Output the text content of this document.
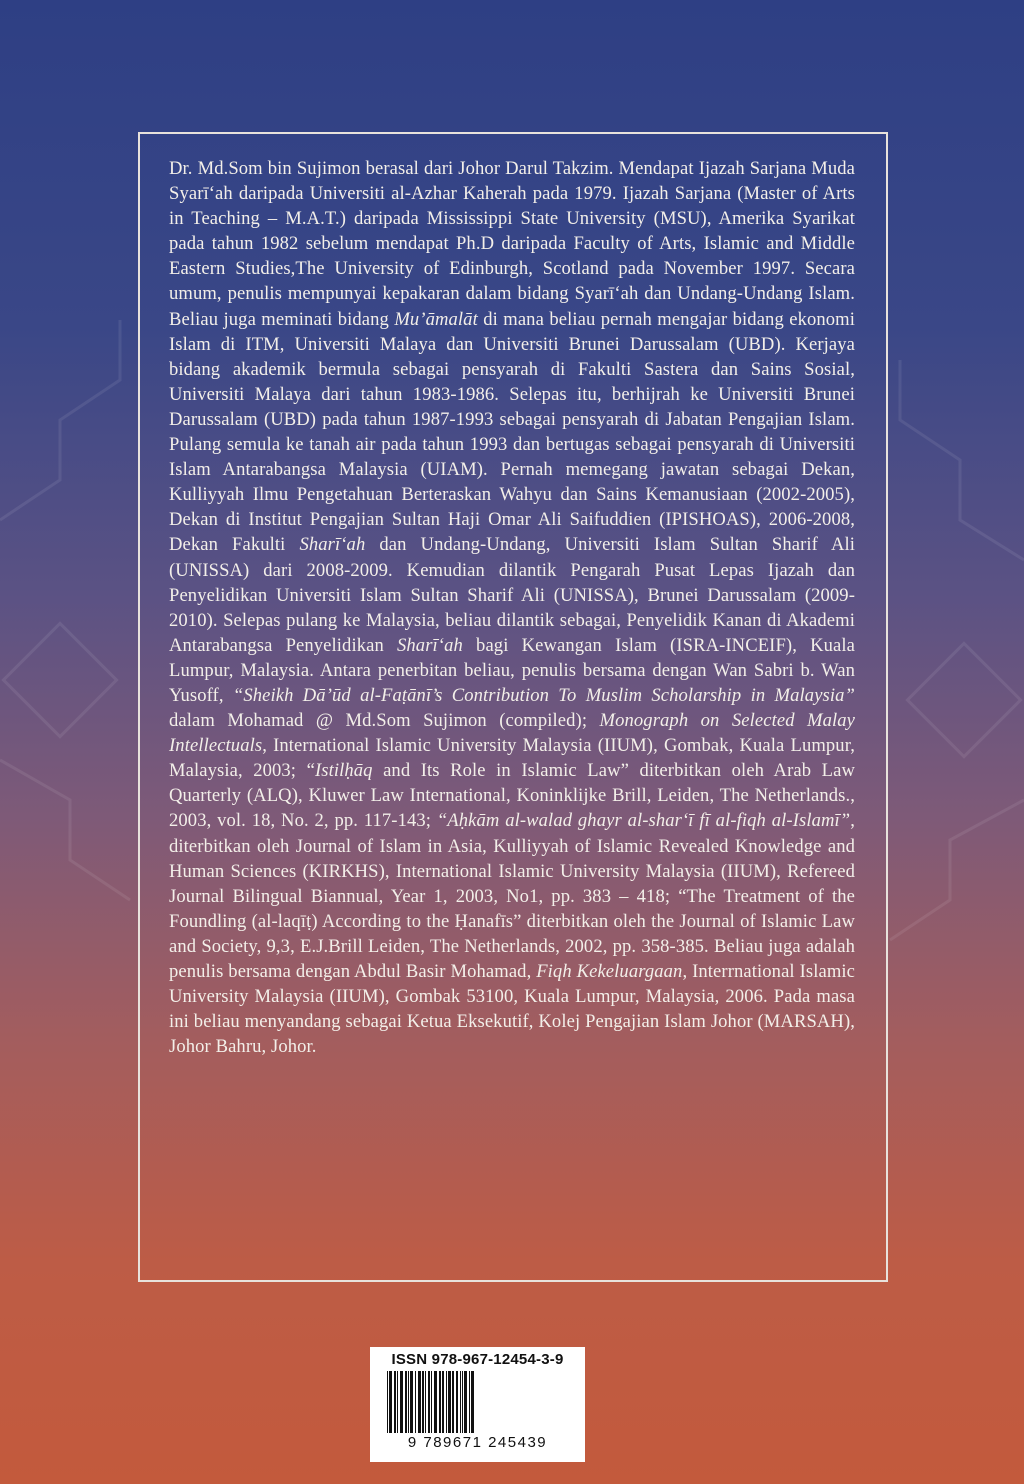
Dr. Md.Som bin Sujimon berasal dari Johor Darul Takzim. Mendapat Ijazah Sarjana Muda Syarī‘ah daripada Universiti al-Azhar Kaherah pada 1979. Ijazah Sarjana (Master of Arts in Teaching – M.A.T.) daripada Mississippi State University (MSU), Amerika Syarikat pada tahun 1982 sebelum mendapat Ph.D daripada Faculty of Arts, Islamic and Middle Eastern Studies,The University of Edinburgh, Scotland pada November 1997. Secara umum, penulis mempunyai kepakaran dalam bidang Syarī‘ah dan Undang-Undang Islam. Beliau juga meminati bidang Mu’āmalāt di mana beliau pernah mengajar bidang ekonomi Islam di ITM, Universiti Malaya dan Universiti Brunei Darussalam (UBD). Kerjaya bidang akademik bermula sebagai pensyarah di Fakulti Sastera dan Sains Sosial, Universiti Malaya dari tahun 1983-1986. Selepas itu, berhijrah ke Universiti Brunei Darussalam (UBD) pada tahun 1987-1993 sebagai pensyarah di Jabatan Pengajian Islam. Pulang semula ke tanah air pada tahun 1993 dan bertugas sebagai pensyarah di Universiti Islam Antarabangsa Malaysia (UIAM). Pernah memegang jawatan sebagai Dekan, Kulliyyah Ilmu Pengetahuan Berteraskan Wahyu dan Sains Kemanusiaan (2002-2005), Dekan di Institut Pengajian Sultan Haji Omar Ali Saifuddien (IPISHOAS), 2006-2008, Dekan Fakulti Sharī‘ah dan Undang-Undang, Universiti Islam Sultan Sharif Ali (UNISSA) dari 2008-2009. Kemudian dilantik Pengarah Pusat Lepas Ijazah dan Penyelidikan Universiti Islam Sultan Sharif Ali (UNISSA), Brunei Darussalam (2009-2010). Selepas pulang ke Malaysia, beliau dilantik sebagai, Penyelidik Kanan di Akademi Antarabangsa Penyelidikan Sharī‘ah bagi Kewangan Islam (ISRA-INCEIF), Kuala Lumpur, Malaysia. Antara penerbitan beliau, penulis bersama dengan Wan Sabri b. Wan Yusoff, “Sheikh Dā’ūd al-Faṭānī’s Contribution To Muslim Scholarship in Malaysia” dalam Mohamad @ Md.Som Sujimon (compiled); Monograph on Selected Malay Intellectuals, International Islamic University Malaysia (IIUM), Gombak, Kuala Lumpur, Malaysia, 2003; “Istilḥāq and Its Role in Islamic Law” diterbitkan oleh Arab Law Quarterly (ALQ), Kluwer Law International, Koninklijke Brill, Leiden, The Netherlands., 2003, vol. 18, No. 2, pp. 117-143; “Aḥkām al-walad ghayr al-shar‘ī fī al-fiqh al-Islamī”, diterbitkan oleh Journal of Islam in Asia, Kulliyyah of Islamic Revealed Knowledge and Human Sciences (KIRKHS), International Islamic University Malaysia (IIUM), Refereed Journal Bilingual Biannual, Year 1, 2003, No1, pp. 383 – 418; “The Treatment of the Foundling (al-laqīṭ) According to the Ḥanafīs” diterbitkan oleh the Journal of Islamic Law and Society, 9,3, E.J.Brill Leiden, The Netherlands, 2002, pp. 358-385. Beliau juga adalah penulis bersama dengan Abdul Basir Mohamad, Fiqh Kekeluargaan, Interrnational Islamic University Malaysia (IIUM), Gombak 53100, Kuala Lumpur, Malaysia, 2006. Pada masa ini beliau menyandang sebagai Ketua Eksekutif, Kolej Pengajian Islam Johor (MARSAH), Johor Bahru, Johor.

ISSN 978-967-12454-3-9

9 789671 245439
